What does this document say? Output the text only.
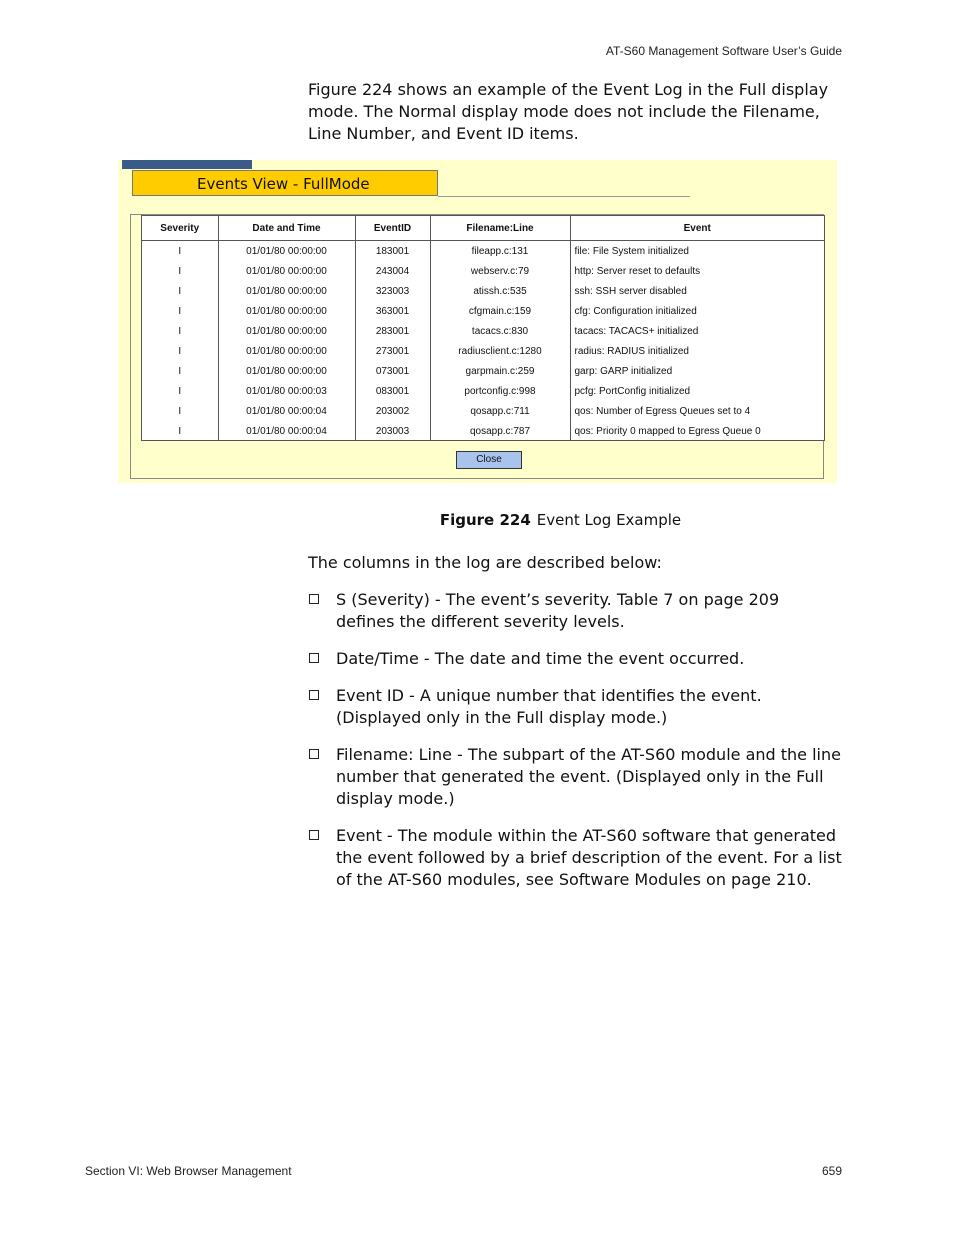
AT-S60 Management Software User’s Guide

Figure 224 shows an example of the Event Log in the Full display mode. The Normal display mode does not include the Filename, Line Number, and Event ID items.

Events View - FullMode
Severity	Date and Time	EventID	Filename:Line	Event
I	01/01/80 00:00:00	183001	fileapp.c:131	file: File System initialized
I	01/01/80 00:00:00	243004	webserv.c:79	http: Server reset to defaults
I	01/01/80 00:00:00	323003	atissh.c:535	ssh: SSH server disabled
I	01/01/80 00:00:00	363001	cfgmain.c:159	cfg: Configuration initialized
I	01/01/80 00:00:00	283001	tacacs.c:830	tacacs: TACACS+ initialized
I	01/01/80 00:00:00	273001	radiusclient.c:1280	radius: RADIUS initialized
I	01/01/80 00:00:00	073001	garpmain.c:259	garp: GARP initialized
I	01/01/80 00:00:03	083001	portconfig.c:998	pcfg: PortConfig initialized
I	01/01/80 00:00:04	203002	qosapp.c:711	qos: Number of Egress Queues set to 4
I	01/01/80 00:00:04	203003	qosapp.c:787	qos: Priority 0 mapped to Egress Queue 0
Close
Figure 224 Event Log Example

The columns in the log are described below:

S (Severity) - The event’s severity. Table 7 on page 209 defines the different severity levels.
Date/Time - The date and time the event occurred.
Event ID - A unique number that identifies the event. (Displayed only in the Full display mode.)
Filename: Line - The subpart of the AT-S60 module and the line number that generated the event. (Displayed only in the Full display mode.)
Event - The module within the AT-S60 software that generated the event followed by a brief description of the event. For a list of the AT-S60 modules, see Software Modules on page 210.
Section VI: Web Browser Management	659
